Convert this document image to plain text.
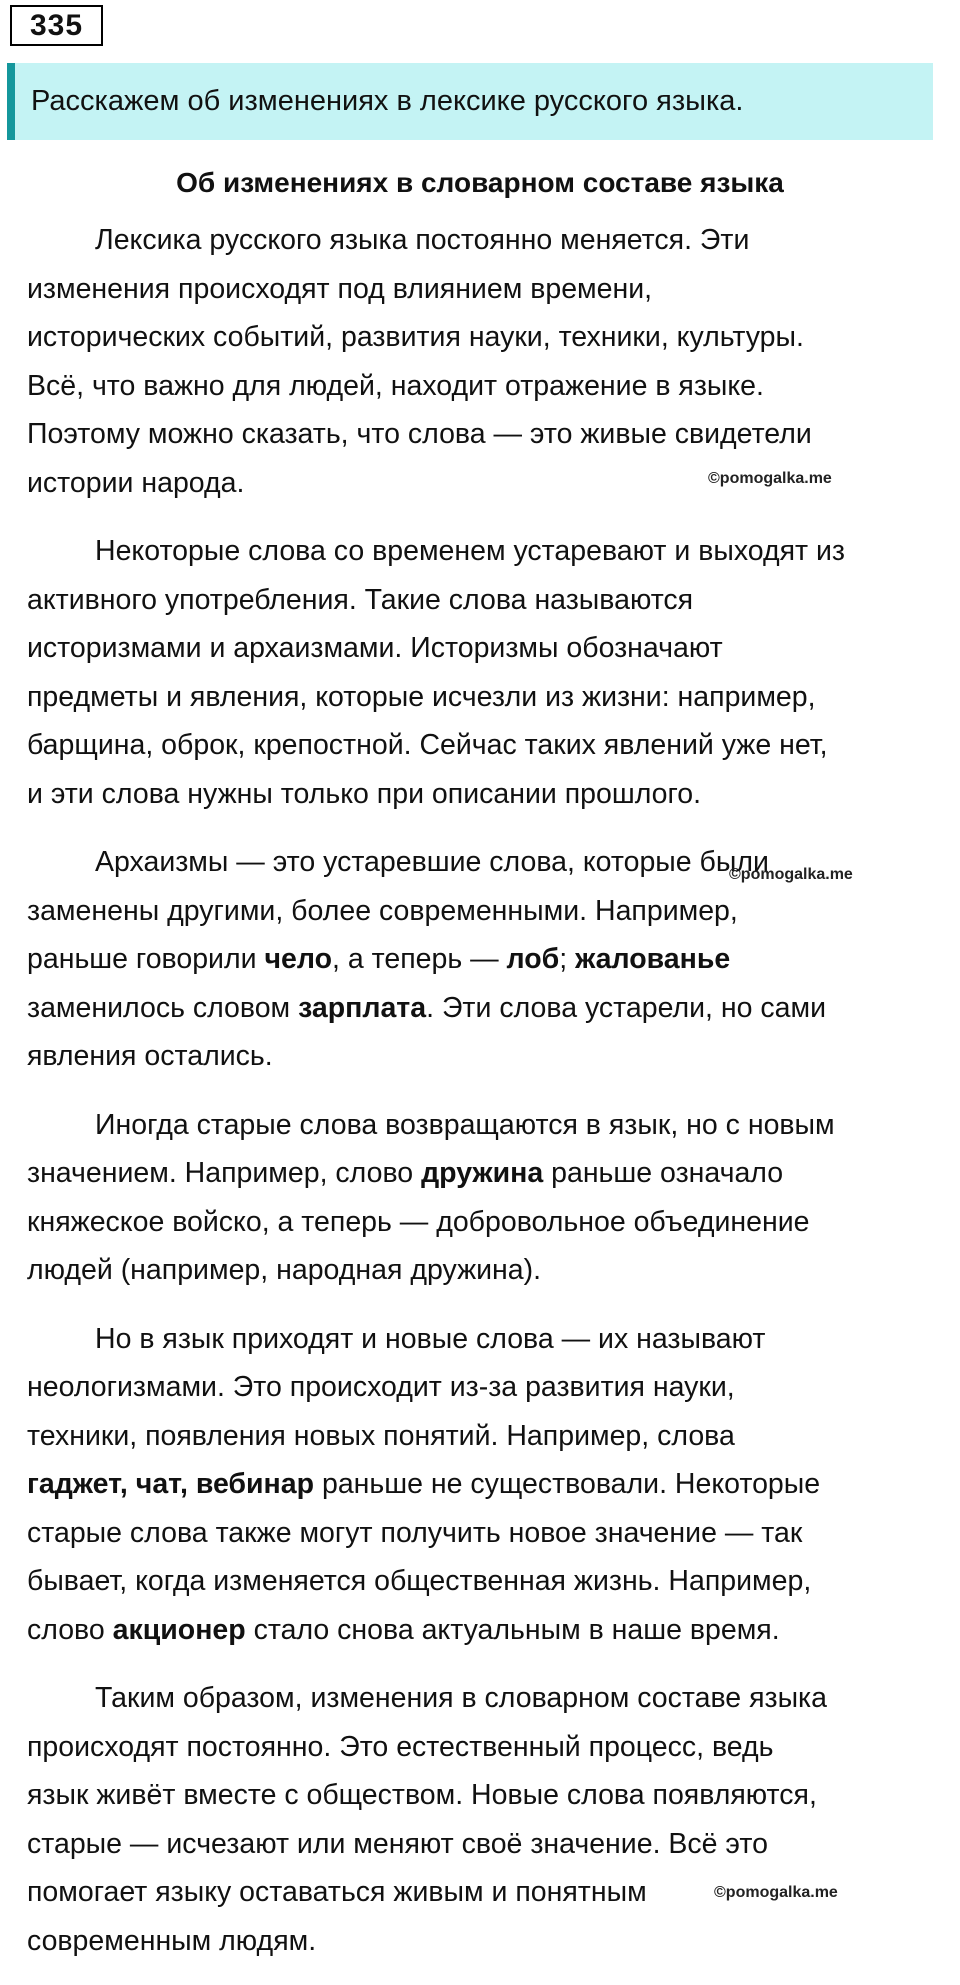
335
Расскажем об изменениях в лексике русского языка.
Об изменениях в словарном составе языка
Лексика русского языка постоянно меняется. Эти
изменения происходят под влиянием времени,
исторических событий, развития науки, техники, культуры.
Всё, что важно для людей, находит отражение в языке.
Поэтому можно сказать, что слова — это живые свидетели
истории народа.
Некоторые слова со временем устаревают и выходят из
активного употребления. Такие слова называются
историзмами и архаизмами. Историзмы обозначают
предметы и явления, которые исчезли из жизни: например,
барщина, оброк, крепостной. Сейчас таких явлений уже нет,
и эти слова нужны только при описании прошлого.
Архаизмы — это устаревшие слова, которые были
заменены другими, более современными. Например,
раньше говорили чело, а теперь — лоб; жалованье
заменилось словом зарплата. Эти слова устарели, но сами
явления остались.
Иногда старые слова возвращаются в язык, но с новым
значением. Например, слово дружина раньше означало
княжеское войско, а теперь — добровольное объединение
людей (например, народная дружина).
Но в язык приходят и новые слова — их называют
неологизмами. Это происходит из-за развития науки,
техники, появления новых понятий. Например, слова
гаджет, чат, вебинар раньше не существовали. Некоторые
старые слова также могут получить новое значение — так
бывает, когда изменяется общественная жизнь. Например,
слово акционер стало снова актуальным в наше время.
Таким образом, изменения в словарном составе языка
происходят постоянно. Это естественный процесс, ведь
язык живёт вместе с обществом. Новые слова появляются,
старые — исчезают или меняют своё значение. Всё это
помогает языку оставаться живым и понятным
современным людям.
©pomogalka.me
©pomogalka.me
©pomogalka.me
